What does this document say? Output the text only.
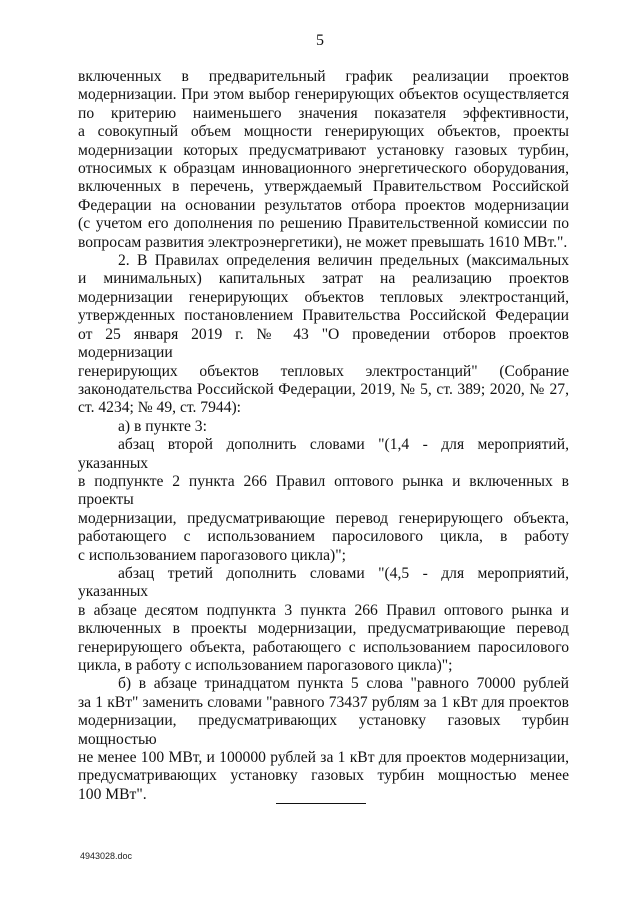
5

включенных в предварительный график реализации проектов

модернизации. При этом выбор генерирующих объектов осуществляется

по критерию наименьшего значения показателя эффективности,

а совокупный объем мощности генерирующих объектов, проекты

модернизации которых предусматривают установку газовых турбин,

относимых к образцам инновационного энергетического оборудования,

включенных в перечень, утверждаемый Правительством Российской

Федерации на основании результатов отбора проектов модернизации

(с учетом его дополнения по решению Правительственной комиссии по

вопросам развития электроэнергетики), не может превышать 1610 МВт.".

2. В Правилах определения величин предельных (максимальных

и минимальных) капитальных затрат на реализацию проектов

модернизации генерирующих объектов тепловых электростанций,

утвержденных постановлением Правительства Российской Федерации

от 25 января 2019 г. № 43 "О проведении отборов проектов модернизации

генерирующих объектов тепловых электростанций" (Собрание

законодательства Российской Федерации, 2019, № 5, ст. 389; 2020, № 27,

ст. 4234; № 49, ст. 7944):

а) в пункте 3:

абзац второй дополнить словами "(1,4 - для мероприятий, указанных

в подпункте 2 пункта 266 Правил оптового рынка и включенных в проекты

модернизации, предусматривающие перевод генерирующего объекта,

работающего с использованием паросилового цикла, в работу

с использованием парогазового цикла)";

абзац третий дополнить словами "(4,5 - для мероприятий, указанных

в абзаце десятом подпункта 3 пункта 266 Правил оптового рынка и

включенных в проекты модернизации, предусматривающие перевод

генерирующего объекта, работающего с использованием паросилового

цикла, в работу с использованием парогазового цикла)";

б) в абзаце тринадцатом пункта 5 слова "равного 70000 рублей

за 1 кВт" заменить словами "равного 73437 рублям за 1 кВт для проектов

модернизации, предусматривающих установку газовых турбин мощностью

не менее 100 МВт, и 100000 рублей за 1 кВт для проектов модернизации,

предусматривающих установку газовых турбин мощностью менее

100 МВт".

4943028.doc
